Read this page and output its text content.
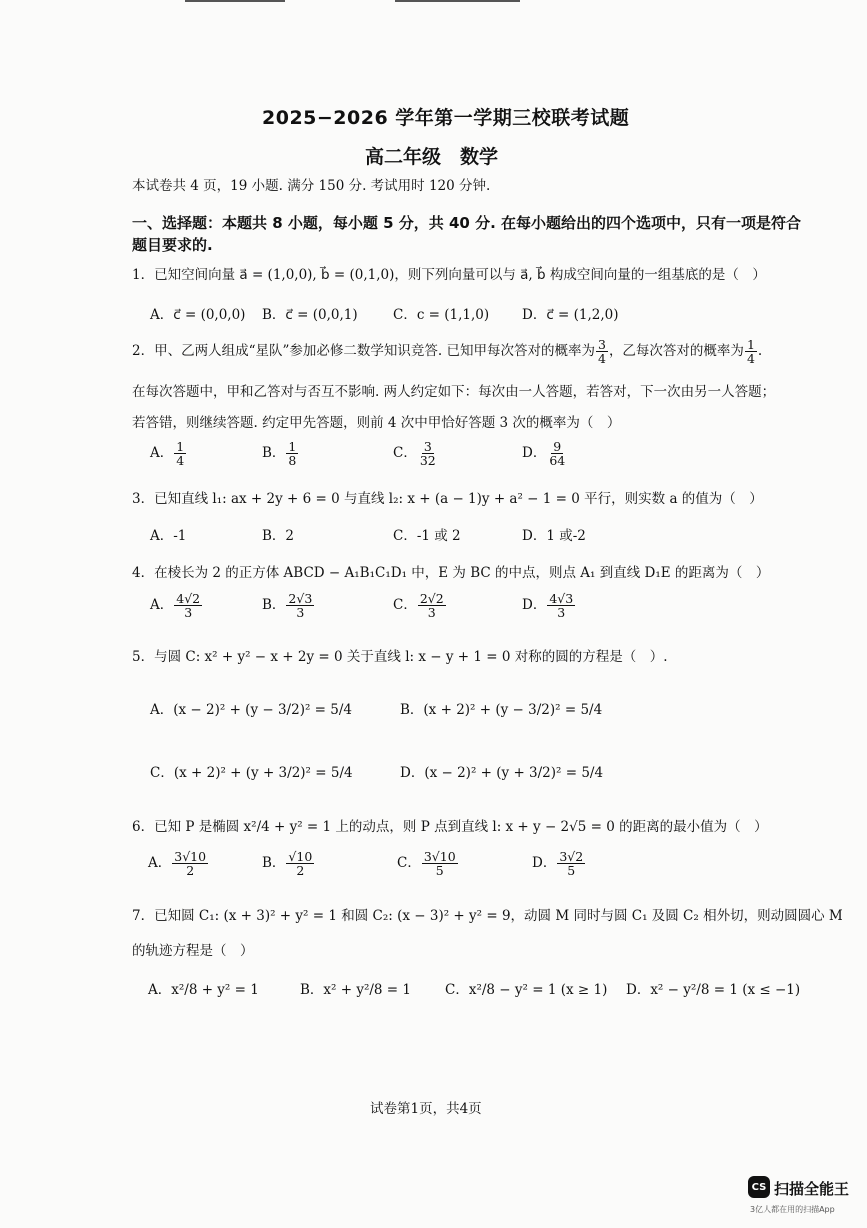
2025−2026 学年第一学期三校联考试题
高二年级　数学
本试卷共 4 页，19 小题. 满分 150 分. 考试用时 120 分钟.
一、选择题：本题共 8 小题，每小题 5 分，共 40 分. 在每小题给出的四个选项中，只有一项是符合
题目要求的.
1．已知空间向量 a⃗ = (1,0,0), b⃗ = (0,1,0)，则下列向量可以与 a⃗, b⃗ 构成空间向量的一组基底的是（　）
A．c⃗ = (0,0,0) B．c⃗ = (0,0,1)	C．c = (1,1,0) D．c⃗ = (1,2,0)
2．甲、乙两人组成“星队”参加必修二数学知识竞答. 已知甲每次答对的概率为 $\frac{3}{4}$ ，乙每次答对的概率为 $\frac{1}{4}$ .
在每次答题中，甲和乙答对与否互不影响. 两人约定如下：每次由一人答题，若答对，下一次由另一人答题；
若答错，则继续答题. 约定甲先答题，则前 4 次中甲恰好答题 3 次的概率为（　）
A． $\frac{1}{4}$	B． $\frac{1}{8}$	C． $\frac{3}{32}$	D． $\frac{9}{64}$
3．已知直线 l₁: ax + 2y + 6 = 0 与直线 l₂: x + (a − 1)y + a² − 1 = 0 平行，则实数 a 的值为（　）
A．-1	B．2	C．-1 或 2	D．1 或-2
4．在棱长为 2 的正方体 ABCD − A₁B₁C₁D₁ 中，E 为 BC 的中点，则点 A₁ 到直线 D₁E 的距离为（　）
A． $\frac{4√2}{3}$	B． $\frac{2√3}{3}$	C． $\frac{2√2}{3}$	D． $\frac{4√3}{3}$
5．与圆 C: x² + y² − x + 2y = 0 关于直线 l: x − y + 1 = 0 对称的圆的方程是（　）.
A．(x − 2)² + (y − 3/2)² = 5/4	B．(x + 2)² + (y − 3/2)² = 5/4
C．(x + 2)² + (y + 3/2)² = 5/4	D．(x − 2)² + (y + 3/2)² = 5/4
6．已知 P 是椭圆 x²/4 + y² = 1 上的动点，则 P 点到直线 l: x + y − 2√5 = 0 的距离的最小值为（　）
A． $\frac{3√10}{2}$	B． $\frac{√10}{2}$	C． $\frac{3√10}{5}$	D． $\frac{3√2}{5}$
7．已知圆 C₁: (x + 3)² + y² = 1 和圆 C₂: (x − 3)² + y² = 9，动圆 M 同时与圆 C₁ 及圆 C₂ 相外切，则动圆圆心 M
的轨迹方程是（　）
A．x²/8 + y² = 1	B．x² + y²/8 = 1	C．x²/8 − y² = 1 (x ≥ 1) D．x² − y²/8 = 1 (x ≤ −1)
试卷第1页，共4页
CS 扫描全能王
3亿人都在用的扫描App
